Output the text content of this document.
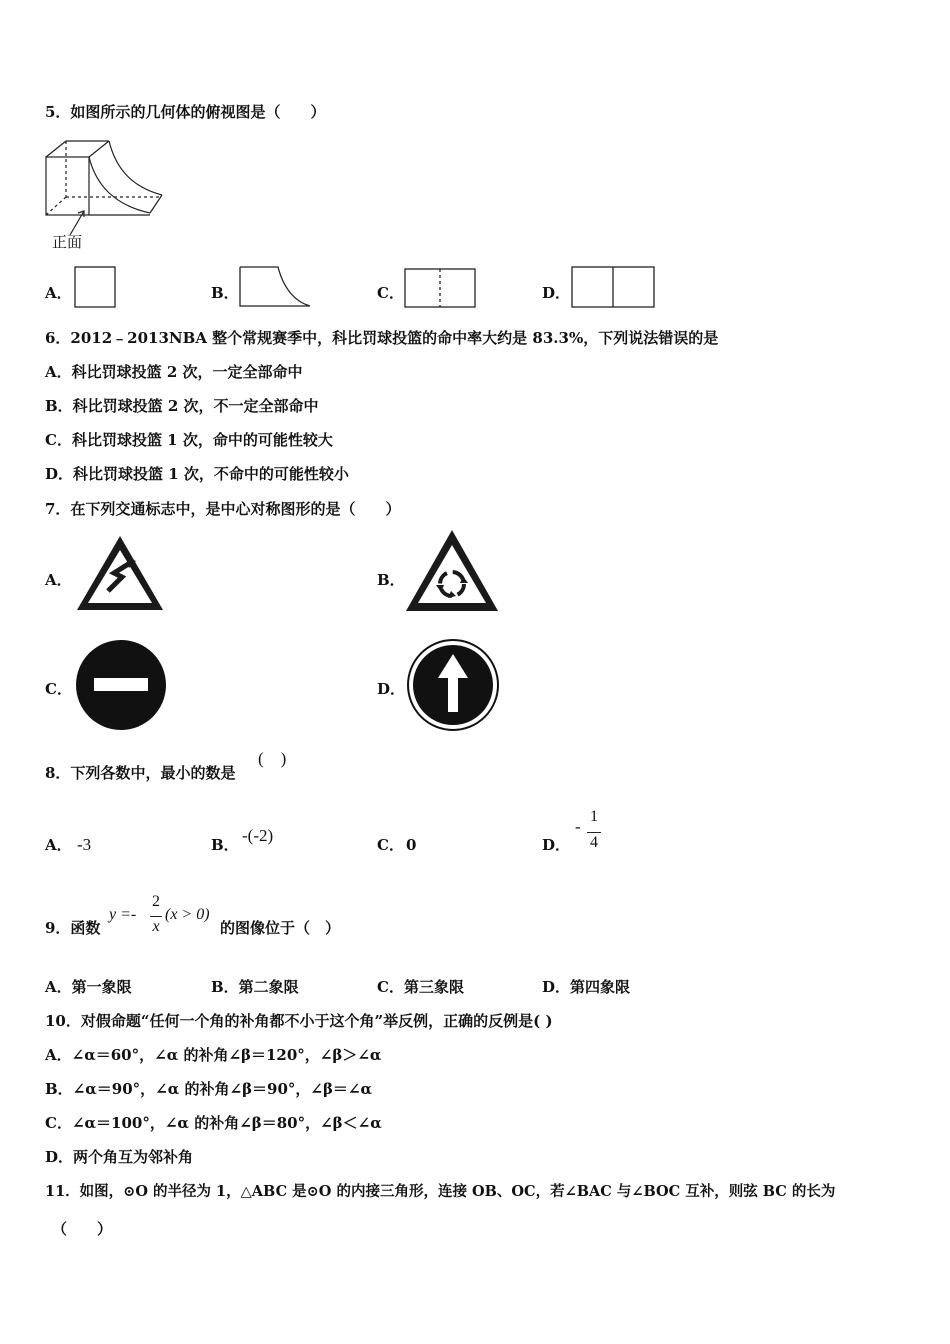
5．如图所示的几何体的俯视图是（　　）
正面
A．	B．	C．	D．
6．2012﹣2013NBA 整个常规赛季中，科比罚球投篮的命中率大约是 83.3%，下列说法错误的是
A．科比罚球投篮 2 次，一定全部命中
B．科比罚球投篮 2 次，不一定全部命中
C．科比罚球投篮 1 次，命中的可能性较大
D．科比罚球投篮 1 次，不命中的可能性较小
7．在下列交通标志中，是中心对称图形的是（　　）
A．	B．
C．	D．
8．下列各数中，最小的数是
(　)
A． -3	B． -(-2)	C． 0	D．
-
1
4
9．函数
y =-
2
x
(x > 0)
的图像位于（　）
A．第一象限	B．第二象限	C．第三象限	D．第四象限
10．对假命题“任何一个角的补角都不小于这个角”举反例，正确的反例是( )
A．∠α＝60°，∠α 的补角∠β＝120°，∠β＞∠α
B．∠α＝90°，∠α 的补角∠β＝90°，∠β＝∠α
C．∠α＝100°，∠α 的补角∠β＝80°，∠β＜∠α
D．两个角互为邻补角
11．如图，⊙O 的半径为 1，△ABC 是⊙O 的内接三角形，连接 OB、OC，若∠BAC 与∠BOC 互补，则弦 BC 的长为
（　　）
